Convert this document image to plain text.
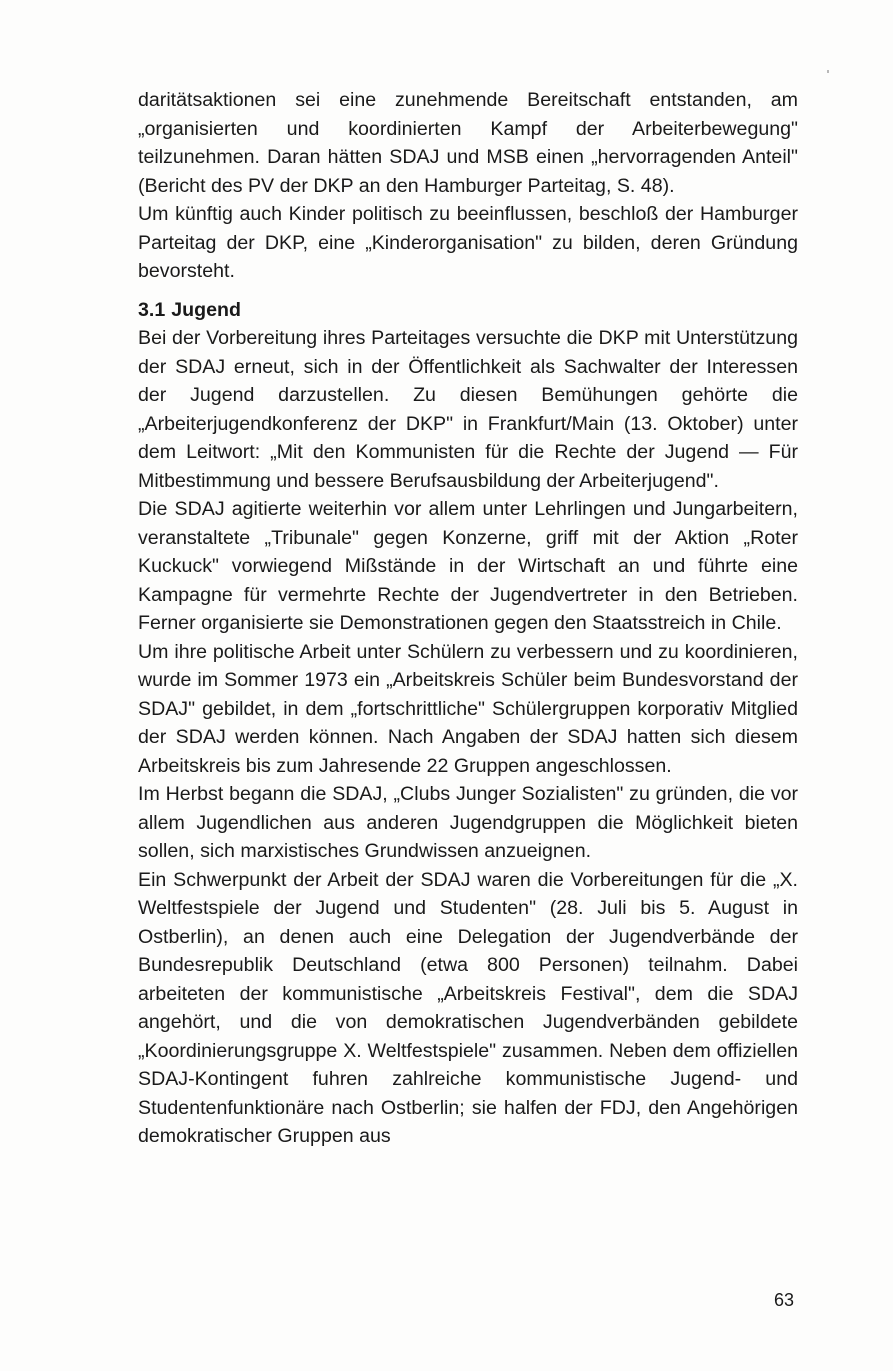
daritätsaktionen sei eine zunehmende Bereitschaft entstanden, am „organisierten und koordinierten Kampf der Arbeiterbewegung" teilzunehmen. Daran hätten SDAJ und MSB einen „hervorragenden Anteil" (Bericht des PV der DKP an den Hamburger Parteitag, S. 48).

Um künftig auch Kinder politisch zu beeinflussen, beschloß der Hamburger Parteitag der DKP, eine „Kinderorganisation" zu bilden, deren Gründung bevorsteht.

3.1 Jugend

Bei der Vorbereitung ihres Parteitages versuchte die DKP mit Unterstützung der SDAJ erneut, sich in der Öffentlichkeit als Sachwalter der Interessen der Jugend darzustellen. Zu diesen Bemühungen gehörte die „Arbeiterjugendkonferenz der DKP" in Frankfurt/Main (13. Oktober) unter dem Leitwort: „Mit den Kommunisten für die Rechte der Jugend — Für Mitbestimmung und bessere Berufsausbildung der Arbeiterjugend".

Die SDAJ agitierte weiterhin vor allem unter Lehrlingen und Jungarbeitern, veranstaltete „Tribunale" gegen Konzerne, griff mit der Aktion „Roter Kuckuck" vorwiegend Mißstände in der Wirtschaft an und führte eine Kampagne für vermehrte Rechte der Jugendvertreter in den Betrieben. Ferner organisierte sie Demonstrationen gegen den Staatsstreich in Chile.

Um ihre politische Arbeit unter Schülern zu verbessern und zu koordinieren, wurde im Sommer 1973 ein „Arbeitskreis Schüler beim Bundesvorstand der SDAJ" gebildet, in dem „fortschrittliche" Schülergruppen korporativ Mitglied der SDAJ werden können. Nach Angaben der SDAJ hatten sich diesem Arbeitskreis bis zum Jahresende 22 Gruppen angeschlossen.

Im Herbst begann die SDAJ, „Clubs Junger Sozialisten" zu gründen, die vor allem Jugendlichen aus anderen Jugendgruppen die Möglichkeit bieten sollen, sich marxistisches Grundwissen anzueignen.

Ein Schwerpunkt der Arbeit der SDAJ waren die Vorbereitungen für die „X. Weltfestspiele der Jugend und Studenten" (28. Juli bis 5. August in Ostberlin), an denen auch eine Delegation der Jugendverbände der Bundesrepublik Deutschland (etwa 800 Personen) teilnahm. Dabei arbeiteten der kommunistische „Arbeitskreis Festival", dem die SDAJ angehört, und die von demokratischen Jugendverbänden gebildete „Koordinierungsgruppe X. Weltfestspiele" zusammen. Neben dem offiziellen SDAJ-Kontingent fuhren zahlreiche kommunistische Jugend- und Studentenfunktionäre nach Ostberlin; sie halfen der FDJ, den Angehörigen demokratischer Gruppen aus

63
